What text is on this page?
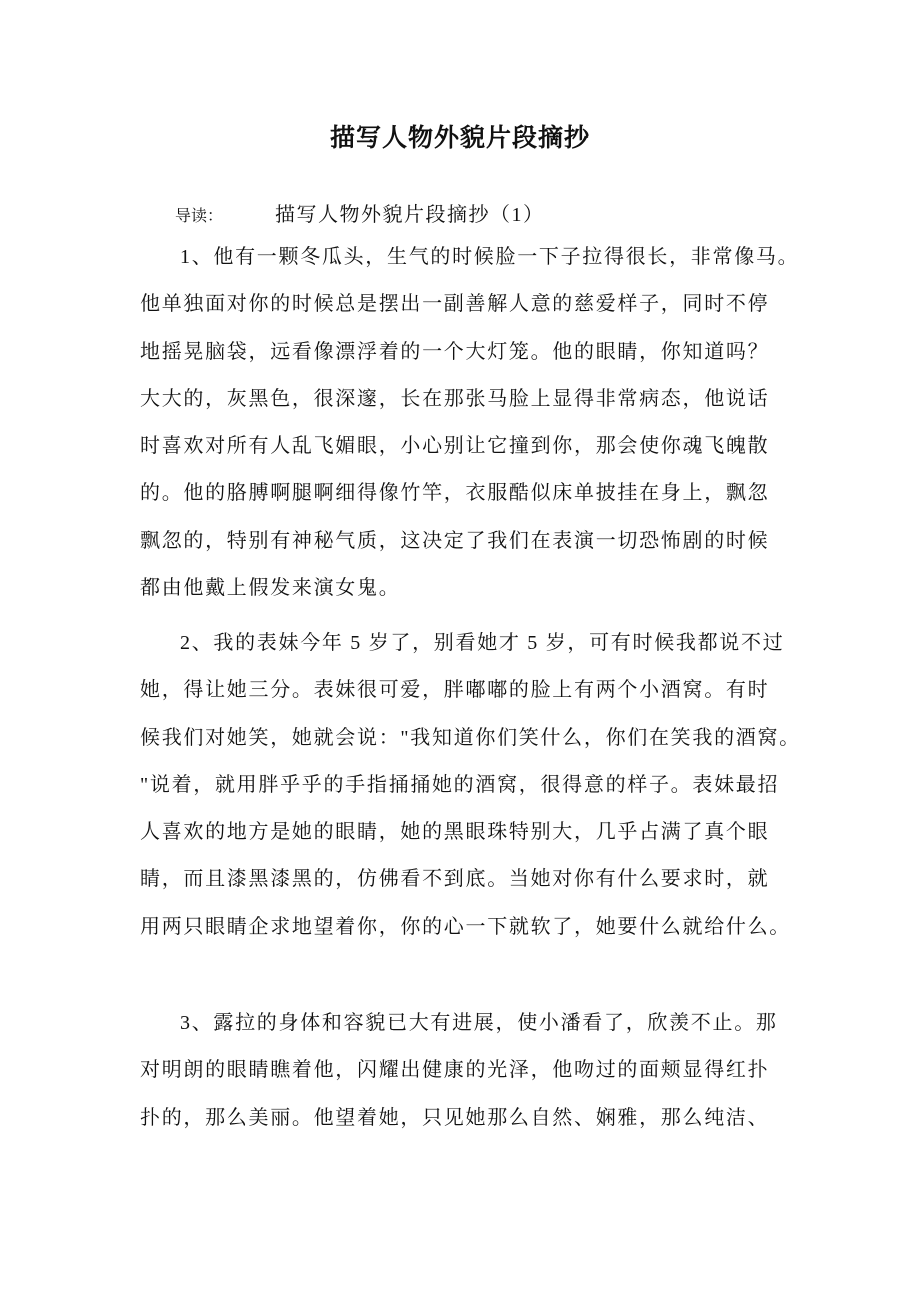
描写人物外貌片段摘抄
导读：	描写人物外貌片段摘抄（1）
1、他有一颗冬瓜头，生气的时候脸一下子拉得很长，非常像马。
他单独面对你的时候总是摆出一副善解人意的慈爱样子，同时不停
地摇晃脑袋，远看像漂浮着的一个大灯笼。他的眼睛，你知道吗？
大大的，灰黑色，很深邃，长在那张马脸上显得非常病态，他说话
时喜欢对所有人乱飞媚眼，小心别让它撞到你，那会使你魂飞魄散
的。他的胳膊啊腿啊细得像竹竿，衣服酷似床单披挂在身上，飘忽
飘忽的，特别有神秘气质，这决定了我们在表演一切恐怖剧的时候
都由他戴上假发来演女鬼。
2、我的表妹今年 5 岁了，别看她才 5 岁，可有时候我都说不过
她，得让她三分。表妹很可爱，胖嘟嘟的脸上有两个小酒窝。有时
候我们对她笑，她就会说："我知道你们笑什么，你们在笑我的酒窝。
"说着，就用胖乎乎的手指捅捅她的酒窝，很得意的样子。表妹最招
人喜欢的地方是她的眼睛，她的黑眼珠特别大，几乎占满了真个眼
睛，而且漆黑漆黑的，仿佛看不到底。当她对你有什么要求时，就
用两只眼睛企求地望着你，你的心一下就软了，她要什么就给什么。
3、露拉的身体和容貌已大有进展，使小潘看了，欣羡不止。那
对明朗的眼睛瞧着他，闪耀出健康的光泽，他吻过的面颊显得红扑
扑的，那么美丽。他望着她，只见她那么自然、娴雅，那么纯洁、
